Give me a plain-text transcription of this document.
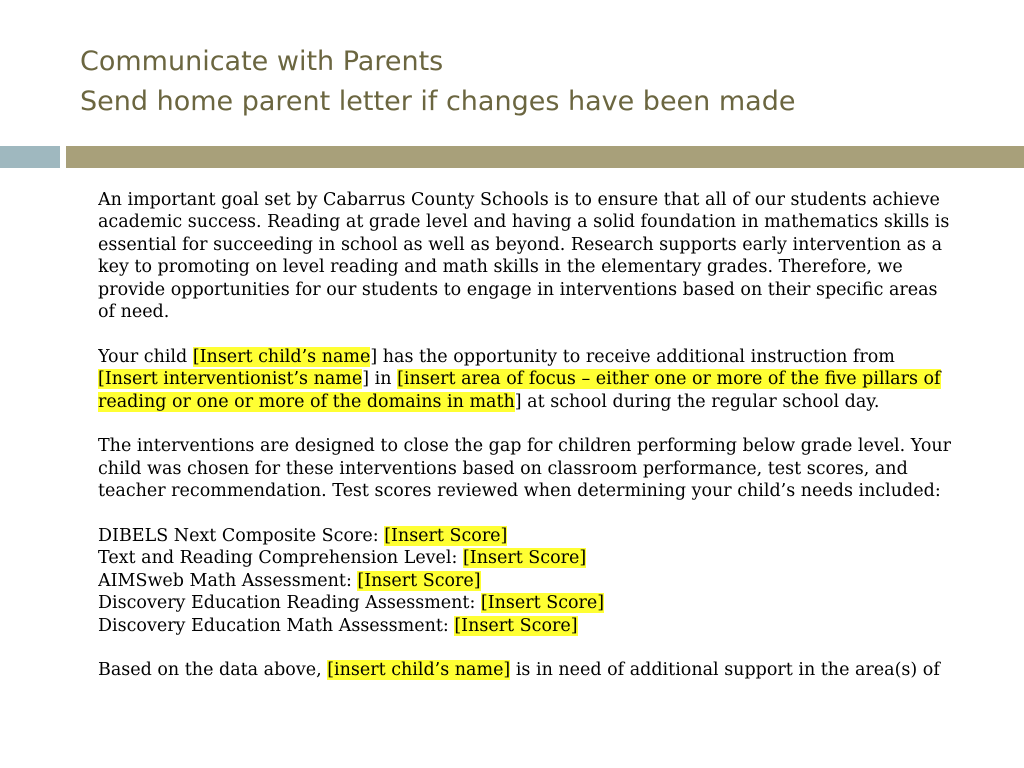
Communicate with Parents
Send home parent letter if changes have been made

An important goal set by Cabarrus County Schools is to ensure that all of our students achieve
academic success. Reading at grade level and having a solid foundation in mathematics skills is
essential for succeeding in school as well as beyond. Research supports early intervention as a
key to promoting on level reading and math skills in the elementary grades. Therefore, we
provide opportunities for our students to engage in interventions based on their specific areas
of need.

Your child [Insert child’s name] has the opportunity to receive additional instruction from
[Insert interventionist’s name] in [insert area of focus – either one or more of the five pillars of
reading or one or more of the domains in math] at school during the regular school day.

The interventions are designed to close the gap for children performing below grade level. Your
child was chosen for these interventions based on classroom performance, test scores, and
teacher recommendation. Test scores reviewed when determining your child’s needs included:

DIBELS Next Composite Score: [Insert Score]
Text and Reading Comprehension Level: [Insert Score]
AIMSweb Math Assessment: [Insert Score]
Discovery Education Reading Assessment: [Insert Score]
Discovery Education Math Assessment: [Insert Score]

Based on the data above, [insert child’s name] is in need of additional support in the area(s) of
